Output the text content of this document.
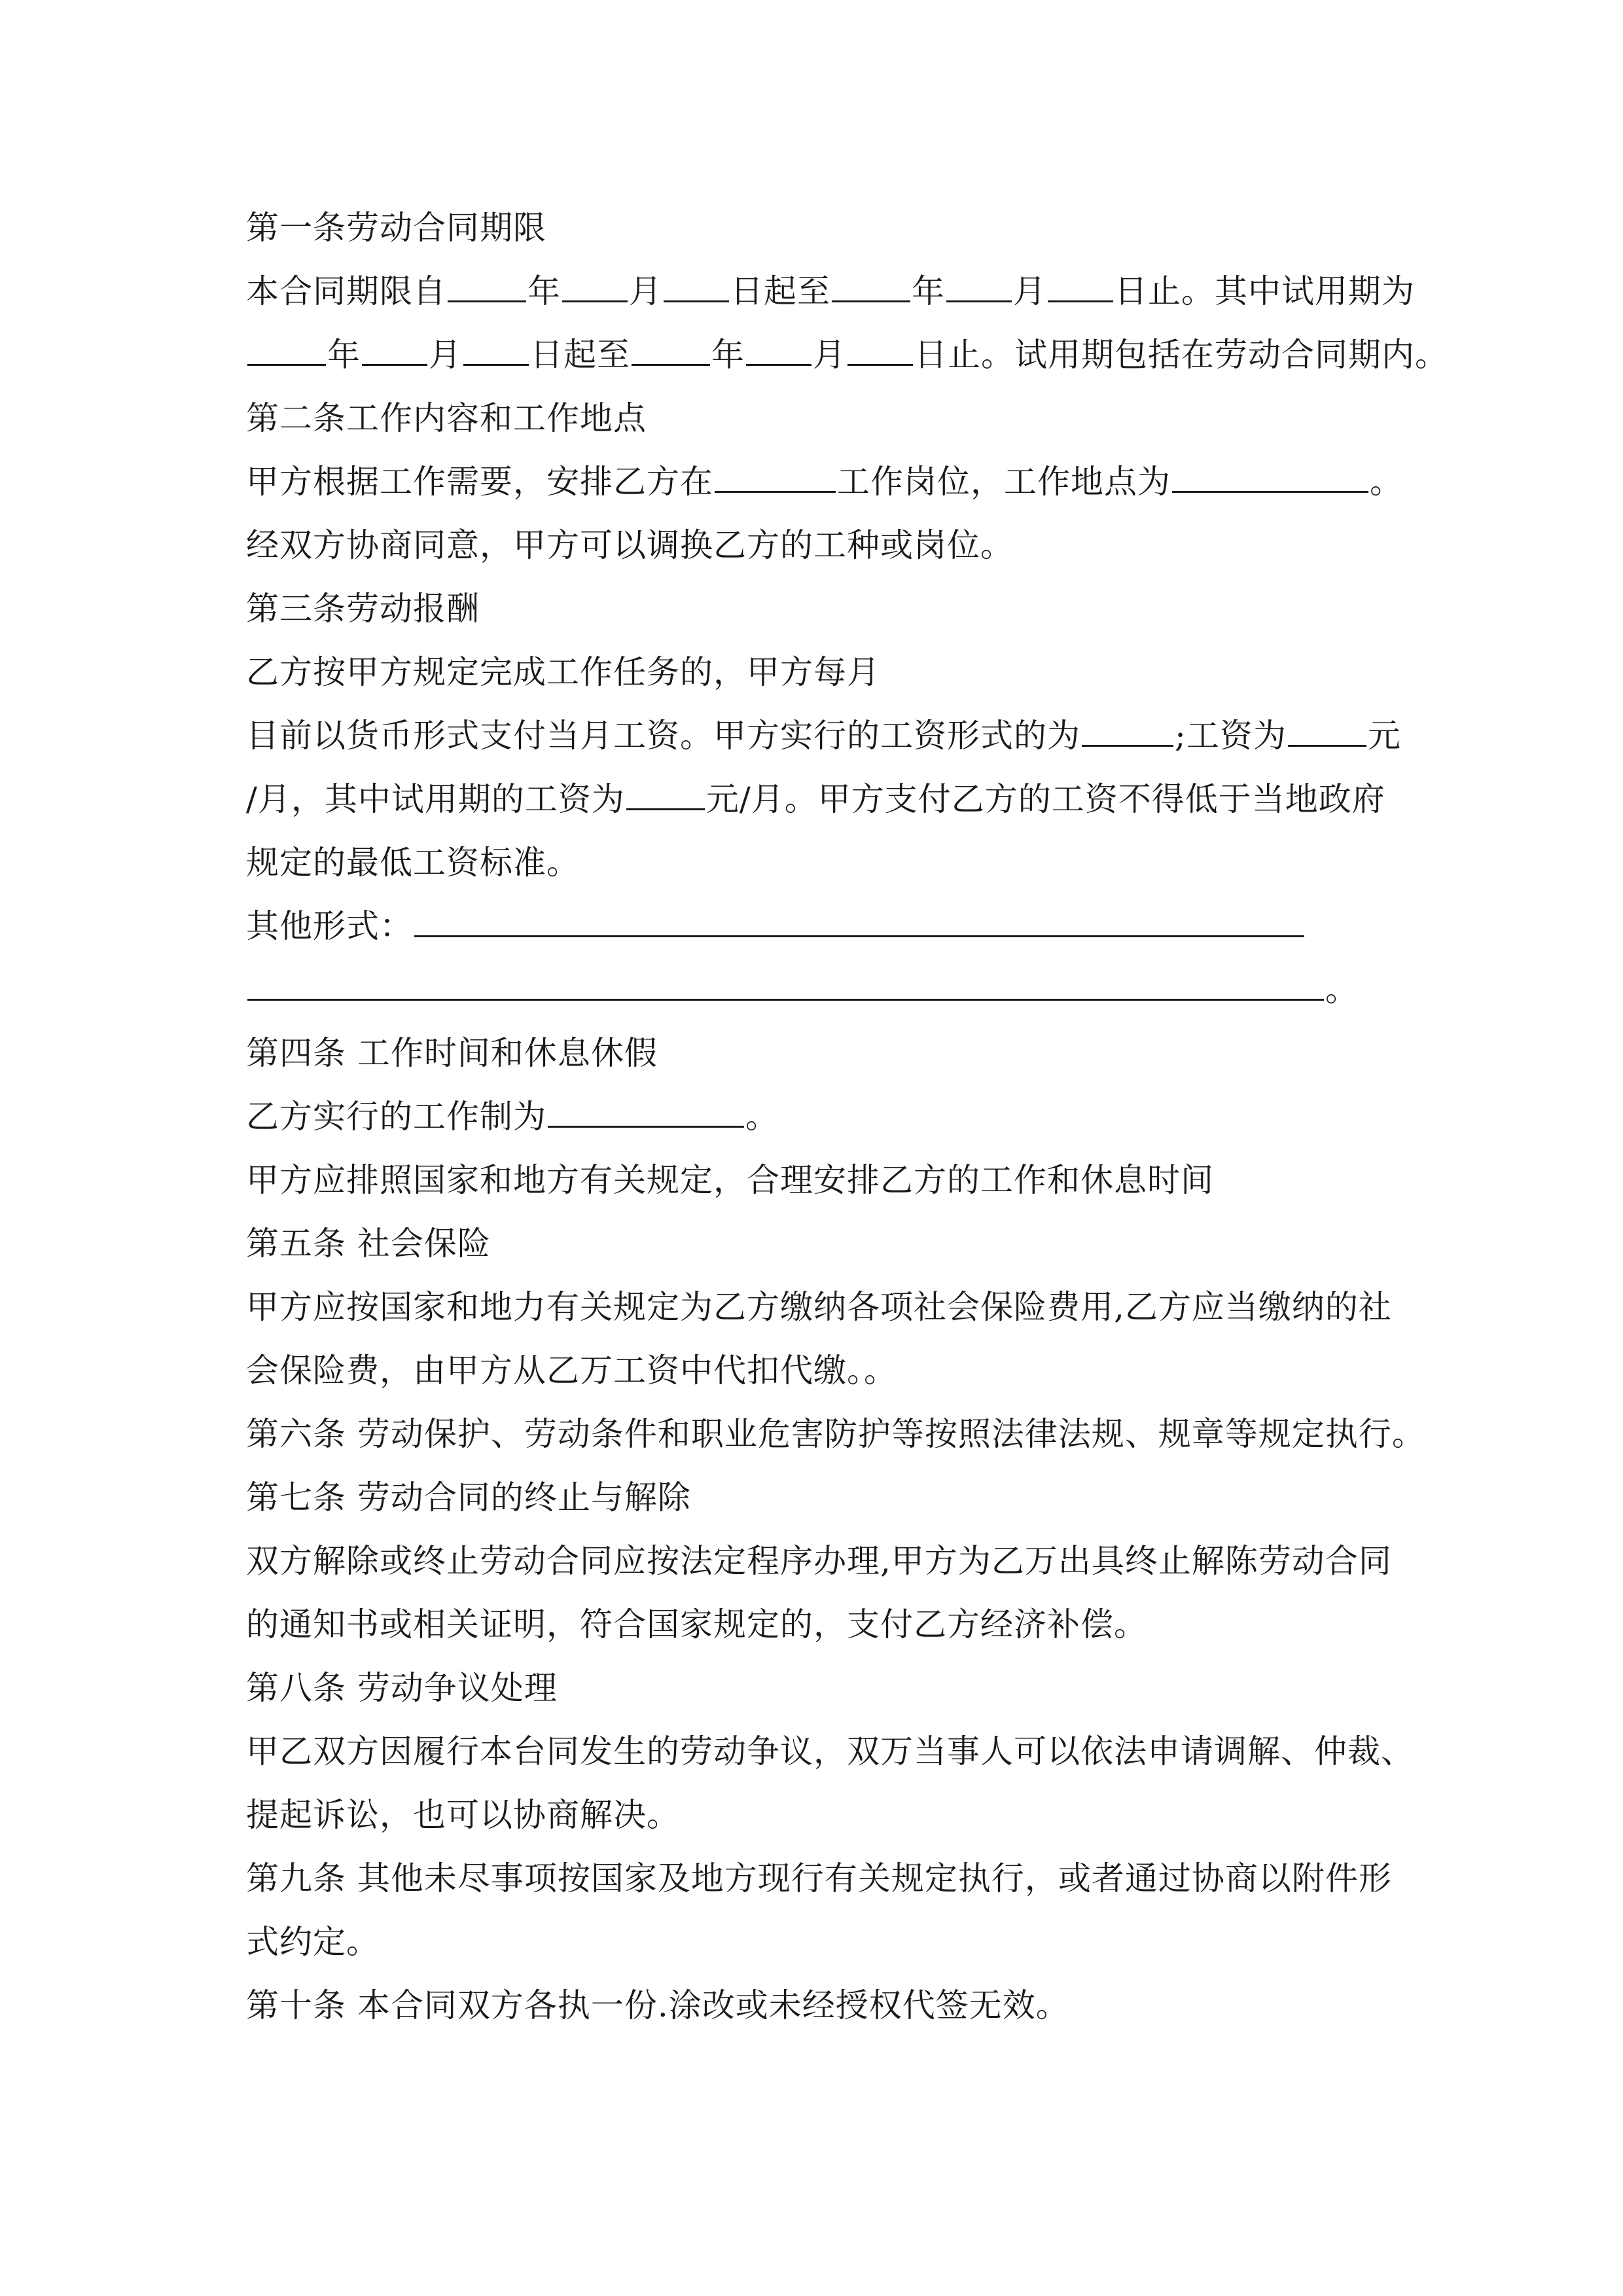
第一条劳动合同期限
本合同期限自 年 月 日起至 年 月 日止。其中试用期为
年 月 日起至 年 月 日止。试用期包括在劳动合同期内。
第二条工作内容和工作地点
甲方根据工作需要，安排乙方在	工作岗位，工作地点为	。
经双方协商同意，甲方可以调换乙方的工种或岗位。
第三条劳动报酬
乙方按甲方规定完成工作任务的，甲方每月
目前以货币形式支付当月工资。甲方实行的工资形式的为	;工资为 元
/月，其中试用期的工资为 元/月。甲方支付乙方的工资不得低于当地政府
规定的最低工资标准。
其他形式：
。
第四条 工作时间和休息休假
乙方实行的工作制为	。
甲方应排照国家和地方有关规定，合理安排乙方的工作和休息时间
第五条 社会保险
甲方应按国家和地力有关规定为乙方缴纳各项社会保险费用,乙方应当缴纳的社
会保险费，由甲方从乙万工资中代扣代缴。。
第六条 劳动保护、劳动条件和职业危害防护等按照法律法规、规章等规定执行。
第七条 劳动合同的终止与解除
双方解除或终止劳动合同应按法定程序办理,甲方为乙万出具终止解陈劳动合同
的通知书或相关证明，符合国家规定的，支付乙方经济补偿。
第八条 劳动争议处理
甲乙双方因履行本台同发生的劳动争议，双万当事人可以依法申请调解、仲裁、
提起诉讼，也可以协商解决。
第九条 其他未尽事项按国家及地方现行有关规定执行，或者通过协商以附件形
式约定。
第十条 本合同双方各执一份.涂改或未经授权代签无效。
